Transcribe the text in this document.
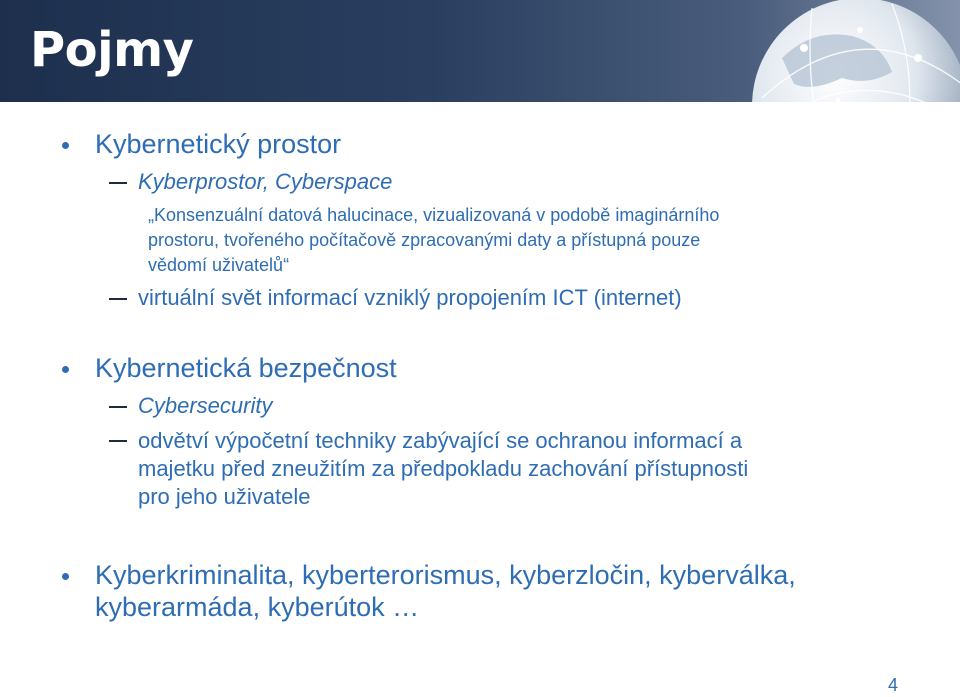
Pojmy

Kybernetický prostor

Kyberprostor, Cyberspace

„Konsenzuální datová halucinace, vizualizovaná v podobě imaginárního

prostoru, tvořeného počítačově zpracovanými daty a přístupná pouze

vědomí uživatelů“

virtuální svět informací vzniklý propojením ICT (internet)

Kybernetická bezpečnost

Cybersecurity

odvětví výpočetní techniky zabývající se ochranou informací a

majetku před zneužitím za předpokladu zachování přístupnosti

pro jeho uživatele

Kyberkriminalita, kyberterorismus, kyberzločin, kyberválka,

kyberarmáda, kyberútok …

4
